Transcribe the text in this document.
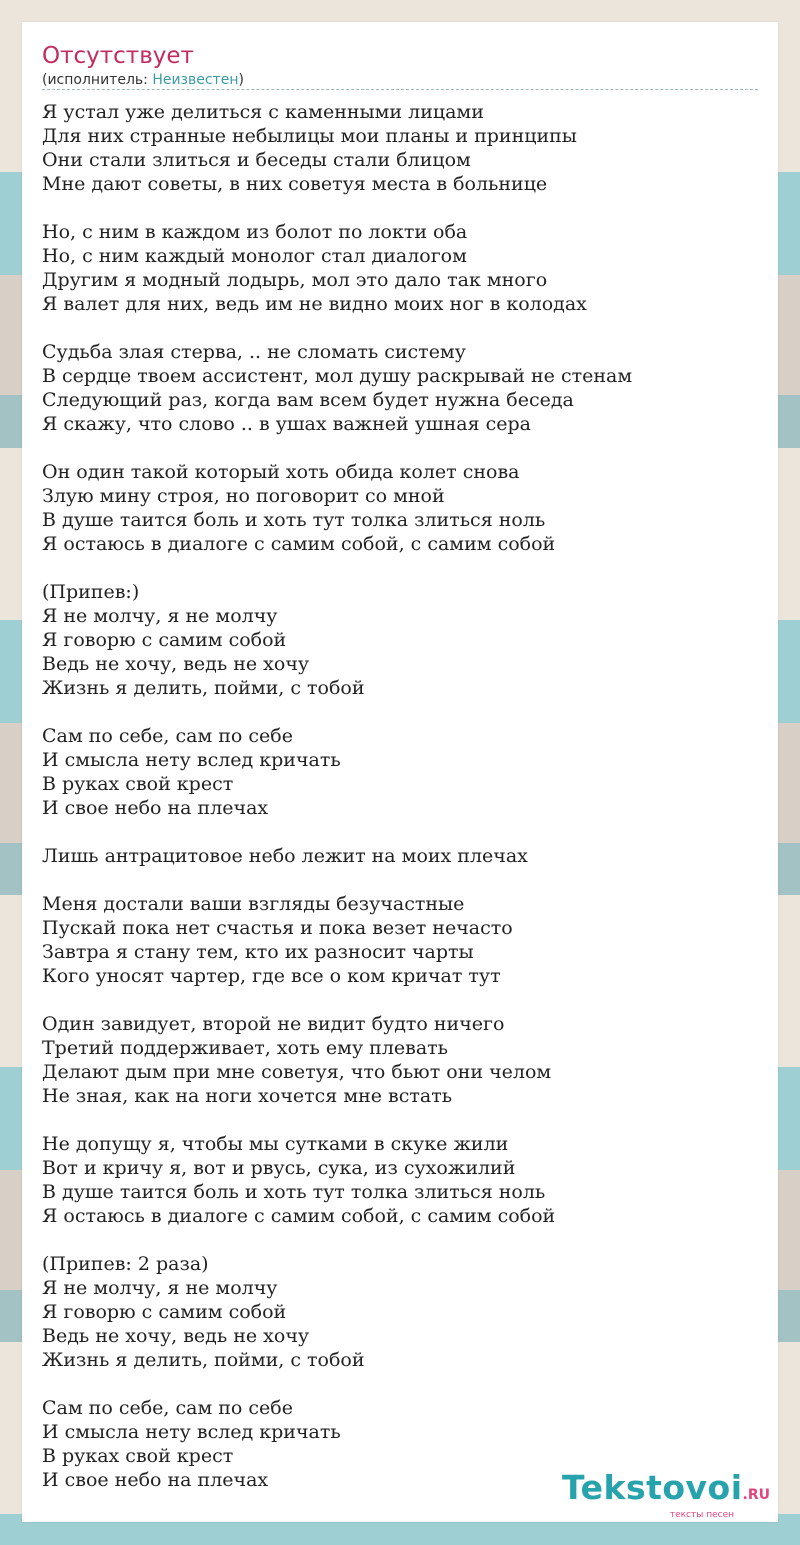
Отсутствует
(исполнитель: Неизвестен)
Я устал уже делиться с каменными лицами
Для них странные небылицы мои планы и принципы
Они стали злиться и беседы стали блицом
Мне дают советы, в них советуя места в больнице
Но, с ним в каждом из болот по локти оба
Но, с ним каждый монолог стал диалогом
Другим я модный лодырь, мол это дало так много
Я валет для них, ведь им не видно моих ног в колодах
Судьба злая стерва, .. не сломать систему
В сердце твоем ассистент, мол душу раскрывай не стенам
Следующий раз, когда вам всем будет нужна беседа
Я скажу, что слово .. в ушах важней ушная сера
Он один такой который хоть обида колет снова
Злую мину строя, но поговорит со мной
В душе таится боль и хоть тут толка злиться ноль
Я остаюсь в диалоге с самим собой, с самим собой
(Припев:)
Я не молчу, я не молчу
Я говорю с самим собой
Ведь не хочу, ведь не хочу
Жизнь я делить, пойми, с тобой
Сам по себе, сам по себе
И смысла нету вслед кричать
В руках свой крест
И свое небо на плечах
Лишь антрацитовое небо лежит на моих плечах
Меня достали ваши взгляды безучастные
Пускай пока нет счастья и пока везет нечасто
Завтра я стану тем, кто их разносит чарты
Кого уносят чартер, где все о ком кричат тут
Один завидует, второй не видит будто ничего
Третий поддерживает, хоть ему плевать
Делают дым при мне советуя, что бьют они челом
Не зная, как на ноги хочется мне встать
Не допущу я, чтобы мы сутками в скуке жили
Вот и кричу я, вот и рвусь, сука, из сухожилий
В душе таится боль и хоть тут толка злиться ноль
Я остаюсь в диалоге с самим собой, с самим собой
(Припев: 2 раза)
Я не молчу, я не молчу
Я говорю с самим собой
Ведь не хочу, ведь не хочу
Жизнь я делить, пойми, с тобой
Сам по себе, сам по себе
И смысла нету вслед кричать
В руках свой крест
И свое небо на плечах	Tekstovoi.RU
тексты песен
